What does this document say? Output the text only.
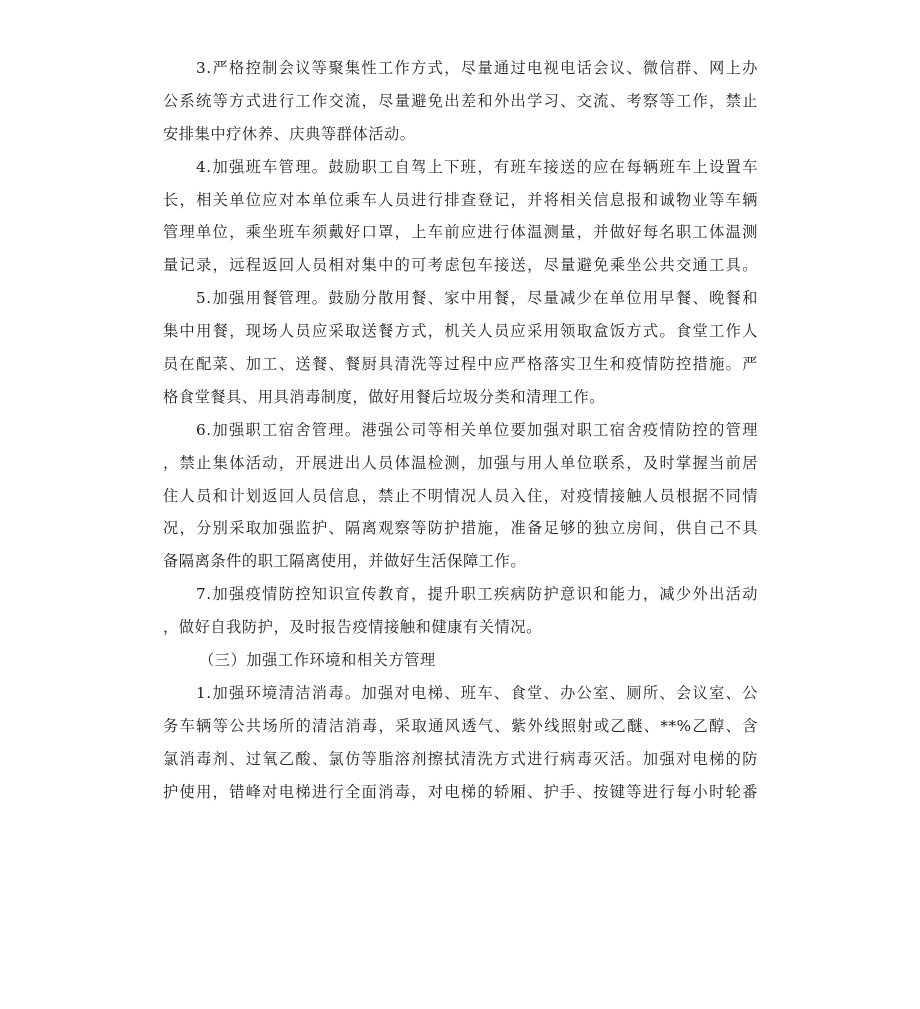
3.严格控制会议等聚集性工作方式，尽量通过电视电话会议、微信群、网上办
公系统等方式进行工作交流，尽量避免出差和外出学习、交流、考察等工作，禁止
安排集中疗休养、庆典等群体活动。
4.加强班车管理。鼓励职工自驾上下班，有班车接送的应在每辆班车上设置车
长，相关单位应对本单位乘车人员进行排查登记，并将相关信息报和诚物业等车辆
管理单位，乘坐班车须戴好口罩，上车前应进行体温测量，并做好每名职工体温测
量记录，远程返回人员相对集中的可考虑包车接送，尽量避免乘坐公共交通工具。
5.加强用餐管理。鼓励分散用餐、家中用餐，尽量减少在单位用早餐、晚餐和
集中用餐，现场人员应采取送餐方式，机关人员应采用领取盒饭方式。食堂工作人
员在配菜、加工、送餐、餐厨具清洗等过程中应严格落实卫生和疫情防控措施。严
格食堂餐具、用具消毒制度，做好用餐后垃圾分类和清理工作。
6.加强职工宿舍管理。港强公司等相关单位要加强对职工宿舍疫情防控的管理
，禁止集体活动，开展进出人员体温检测，加强与用人单位联系，及时掌握当前居
住人员和计划返回人员信息，禁止不明情况人员入住，对疫情接触人员根据不同情
况，分别采取加强监护、隔离观察等防护措施，准备足够的独立房间，供自己不具
备隔离条件的职工隔离使用，并做好生活保障工作。
7.加强疫情防控知识宣传教育，提升职工疾病防护意识和能力，减少外出活动
，做好自我防护，及时报告疫情接触和健康有关情况。
（三）加强工作环境和相关方管理
1.加强环境清洁消毒。加强对电梯、班车、食堂、办公室、厕所、会议室、公
务车辆等公共场所的清洁消毒，采取通风透气、紫外线照射或乙醚、**%乙醇、含
氯消毒剂、过氧乙酸、氯仿等脂溶剂擦拭清洗方式进行病毒灭活。加强对电梯的防
护使用，错峰对电梯进行全面消毒，对电梯的轿厢、护手、按键等进行每小时轮番
